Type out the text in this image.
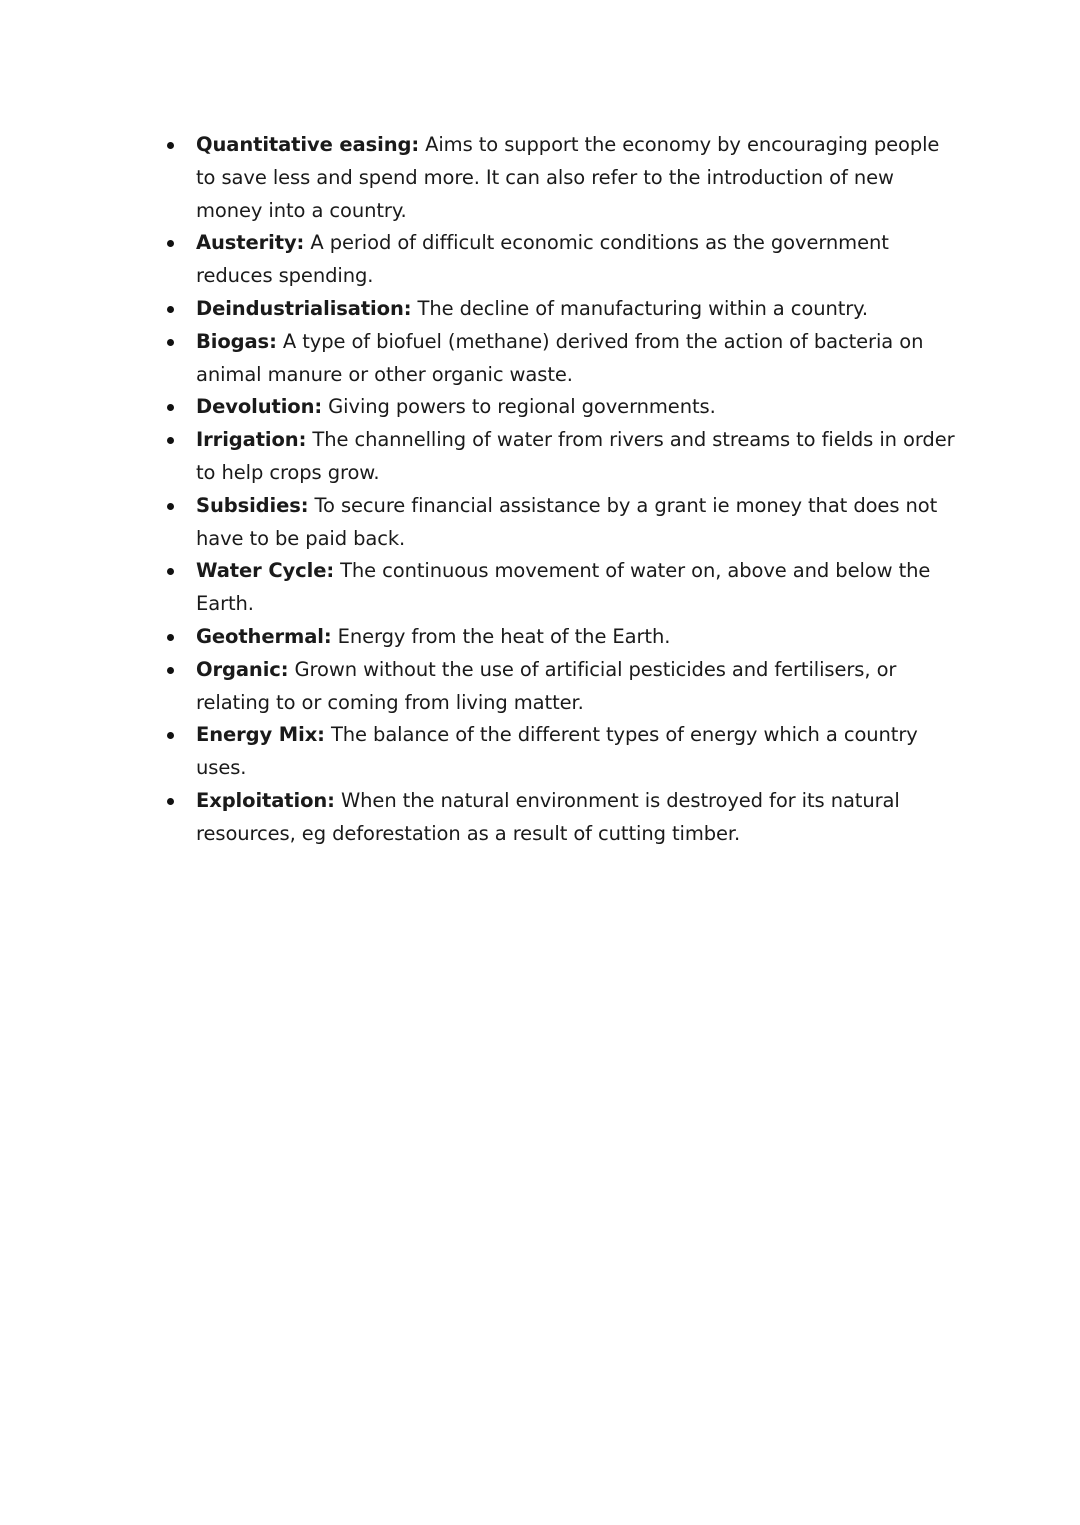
Quantitative easing: Aims to support the economy by encouraging people to save less and spend more. It can also refer to the introduction of new money into a country.
Austerity: A period of difficult economic conditions as the government reduces spending.
Deindustrialisation: The decline of manufacturing within a country.
Biogas: A type of biofuel (methane) derived from the action of bacteria on animal manure or other organic waste.
Devolution: Giving powers to regional governments.
Irrigation: The channelling of water from rivers and streams to fields in order to help crops grow.
Subsidies: To secure financial assistance by a grant ie money that does not have to be paid back.
Water Cycle: The continuous movement of water on, above and below the Earth.
Geothermal: Energy from the heat of the Earth.
Organic: Grown without the use of artificial pesticides and fertilisers, or relating to or coming from living matter.
Energy Mix: The balance of the different types of energy which a country uses.
Exploitation: When the natural environment is destroyed for its natural resources, eg deforestation as a result of cutting timber.
